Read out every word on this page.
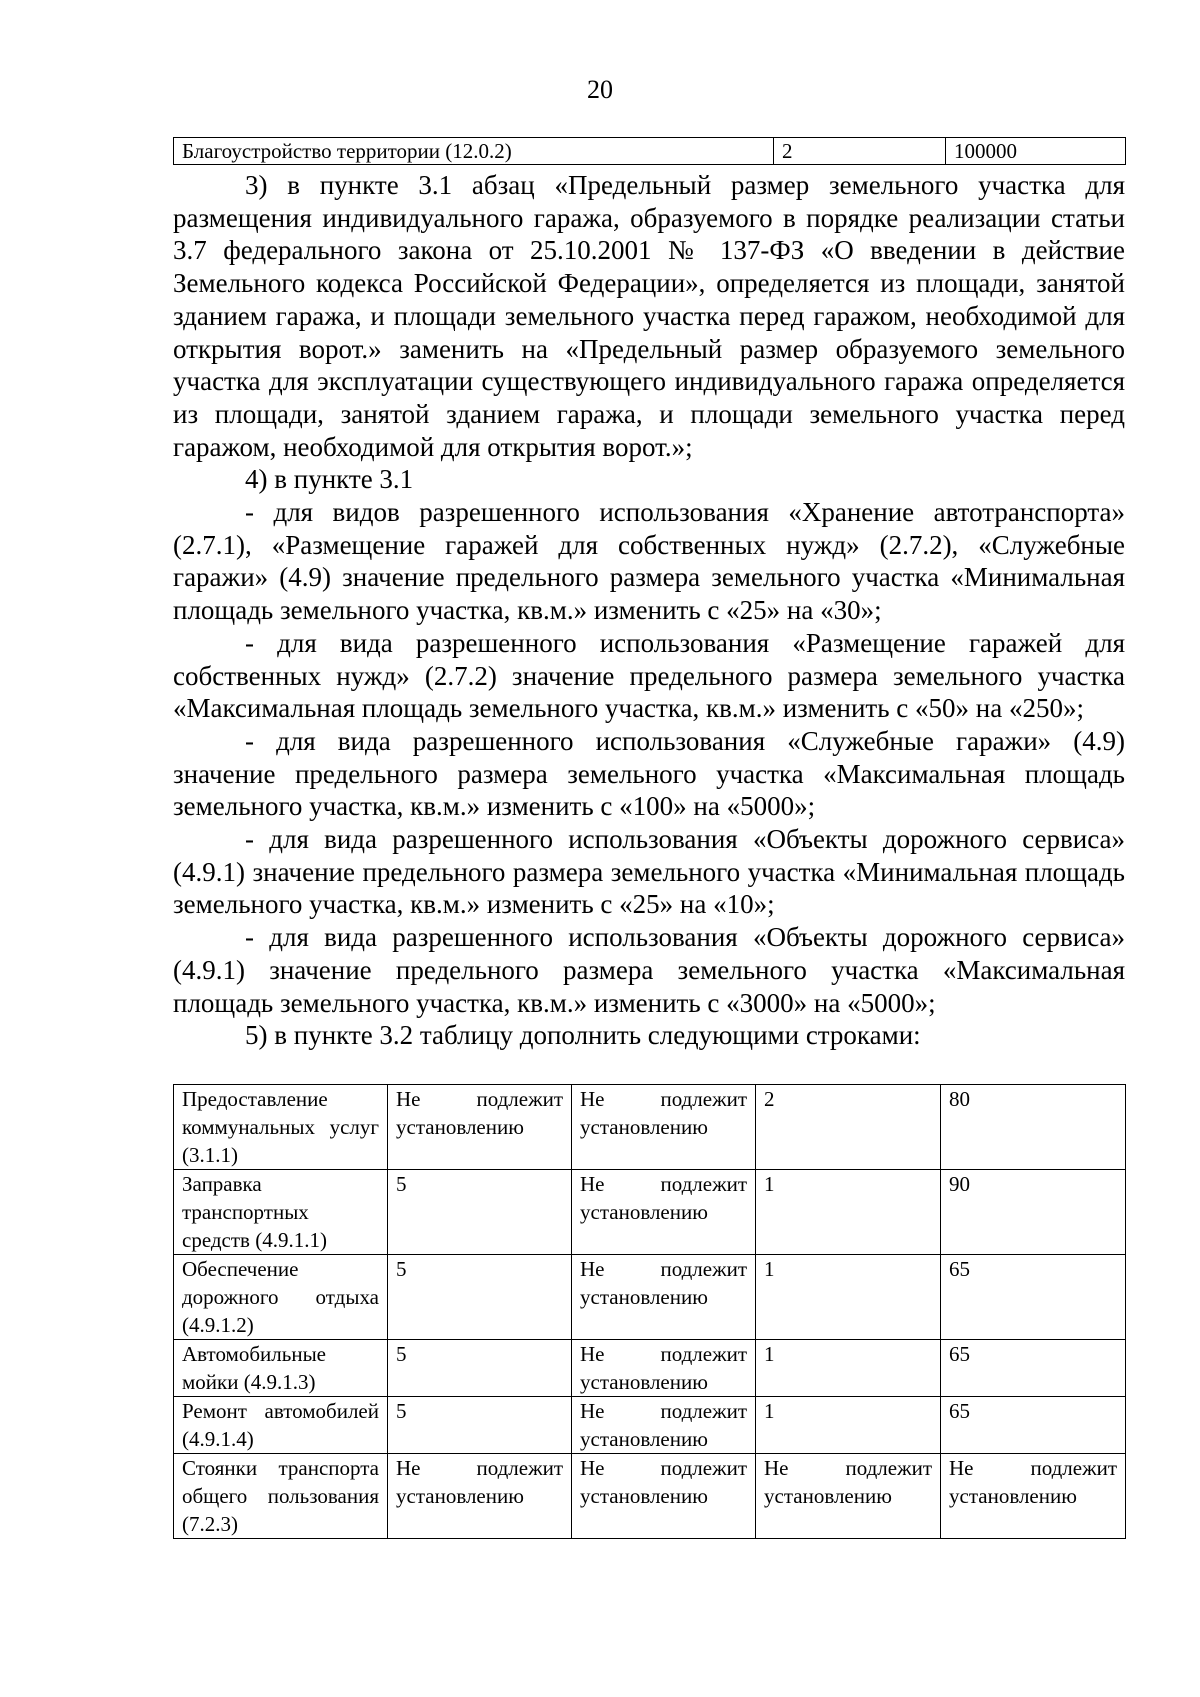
20
Благоустройство территории (12.0.2)	2	100000

3) в пункте 3.1 абзац «Предельный размер земельного участка для размещения индивидуального гаража, образуемого в порядке реализации статьи 3.7 федерального закона от 25.10.2001 № 137-ФЗ «О введении в действие Земельного кодекса Российской Федерации», определяется из площади, занятой зданием гаража, и площади земельного участка перед гаражом, необходимой для открытия ворот.» заменить на «Предельный размер образуемого земельного участка для эксплуатации существующего индивидуального гаража определяется из площади, занятой зданием гаража, и площади земельного участка перед гаражом, необходимой для открытия ворот.»;

4) в пункте 3.1

- для видов разрешенного использования «Хранение автотранспорта» (2.7.1), «Размещение гаражей для собственных нужд» (2.7.2), «Служебные гаражи» (4.9) значение предельного размера земельного участка «Минимальная площадь земельного участка, кв.м.» изменить с «25» на «30»;

- для вида разрешенного использования «Размещение гаражей для собственных нужд» (2.7.2) значение предельного размера земельного участка «Максимальная площадь земельного участка, кв.м.» изменить с «50» на «250»;

- для вида разрешенного использования «Служебные гаражи» (4.9) значение предельного размера земельного участка «Максимальная площадь земельного участка, кв.м.» изменить с «100» на «5000»;

- для вида разрешенного использования «Объекты дорожного сервиса» (4.9.1) значение предельного размера земельного участка «Минимальная площадь земельного участка, кв.м.» изменить с «25» на «10»;

- для вида разрешенного использования «Объекты дорожного сервиса» (4.9.1) значение предельного размера земельного участка «Максимальная площадь земельного участка, кв.м.» изменить с «3000» на «5000»;

5) в пункте 3.2 таблицу дополнить следующими строками:

Предоставление коммунальных услуг (3.1.1)	Не подлежит установлению	Не подлежит установлению	2	80
Заправка транспортных средств (4.9.1.1)	5	Не подлежит установлению	1	90
Обеспечение дорожного отдыха (4.9.1.2)	5	Не подлежит установлению	1	65
Автомобильные мойки (4.9.1.3)	5	Не подлежит установлению	1	65
Ремонт автомобилей (4.9.1.4)	5	Не подлежит установлению	1	65
Стоянки транспорта общего пользования (7.2.3)	Не подлежит установлению	Не подлежит установлению	Не подлежит установлению	Не подлежит установлению
